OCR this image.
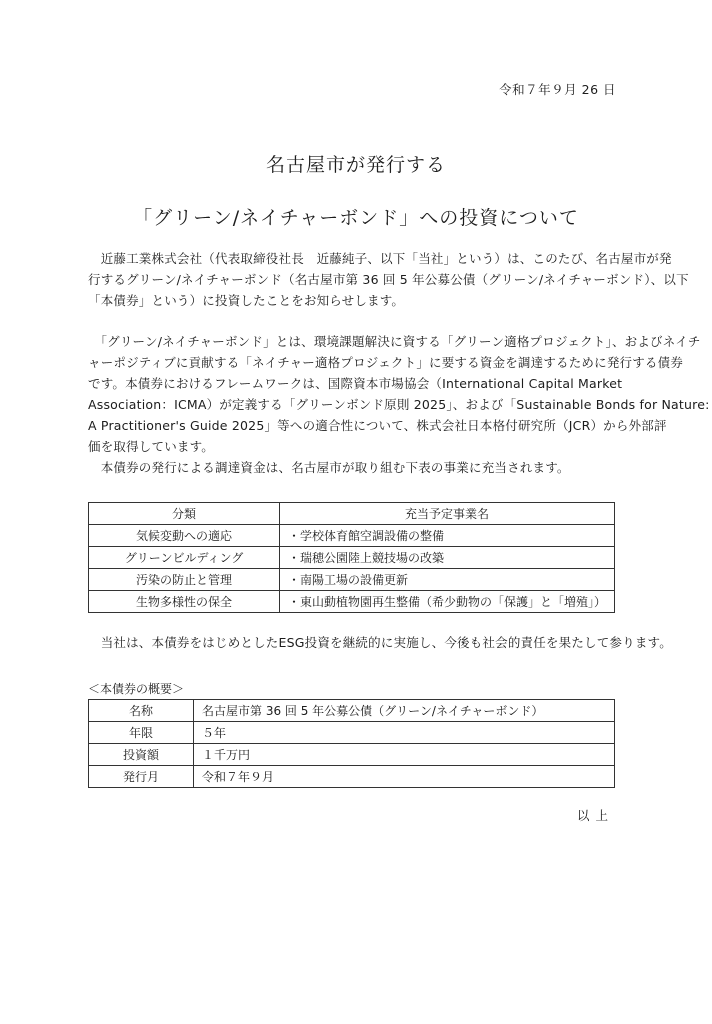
令和７年９月 26 日
名古屋市が発行する
「グリーン/ネイチャーボンド」への投資について

　近藤工業株式会社（代表取締役社長　近藤純子、以下「当社」という）は、このたび、名古屋市が発
行するグリーン/ネイチャーボンド（名古屋市第 36 回 5 年公募公債（グリーン/ネイチャーボンド）、以下
「本債券」という）に投資したことをお知らせします。

　「グリーン/ネイチャーボンド」とは、環境課題解決に資する「グリーン適格プロジェクト」、およびネイチ
ャーポジティブに貢献する「ネイチャー適格プロジェクト」に要する資金を調達するために発行する債券
です。本債券におけるフレームワークは、国際資本市場協会（International Capital Market
Association：ICMA）が定義する「グリーンボンド原則 2025」、および「Sustainable Bonds for Nature:
A Practitioner's Guide 2025」等への適合性について、株式会社日本格付研究所（JCR）から外部評
価を取得しています。
　本債券の発行による調達資金は、名古屋市が取り組む下表の事業に充当されます。

分類	充当予定事業名
気候変動への適応	・学校体育館空調設備の整備
グリーンビルディング	・瑞穂公園陸上競技場の改築
汚染の防止と管理	・南陽工場の設備更新
生物多様性の保全	・東山動植物園再生整備（希少動物の「保護」と「増殖」）

　当社は、本債券をはじめとしたESG投資を継続的に実施し、今後も社会的責任を果たして参ります。

＜本債券の概要＞
名称	名古屋市第 36 回 5 年公募公債（グリーン/ネイチャーボンド）
年限	５年
投資額	１千万円
発行月	令和７年９月
以上
